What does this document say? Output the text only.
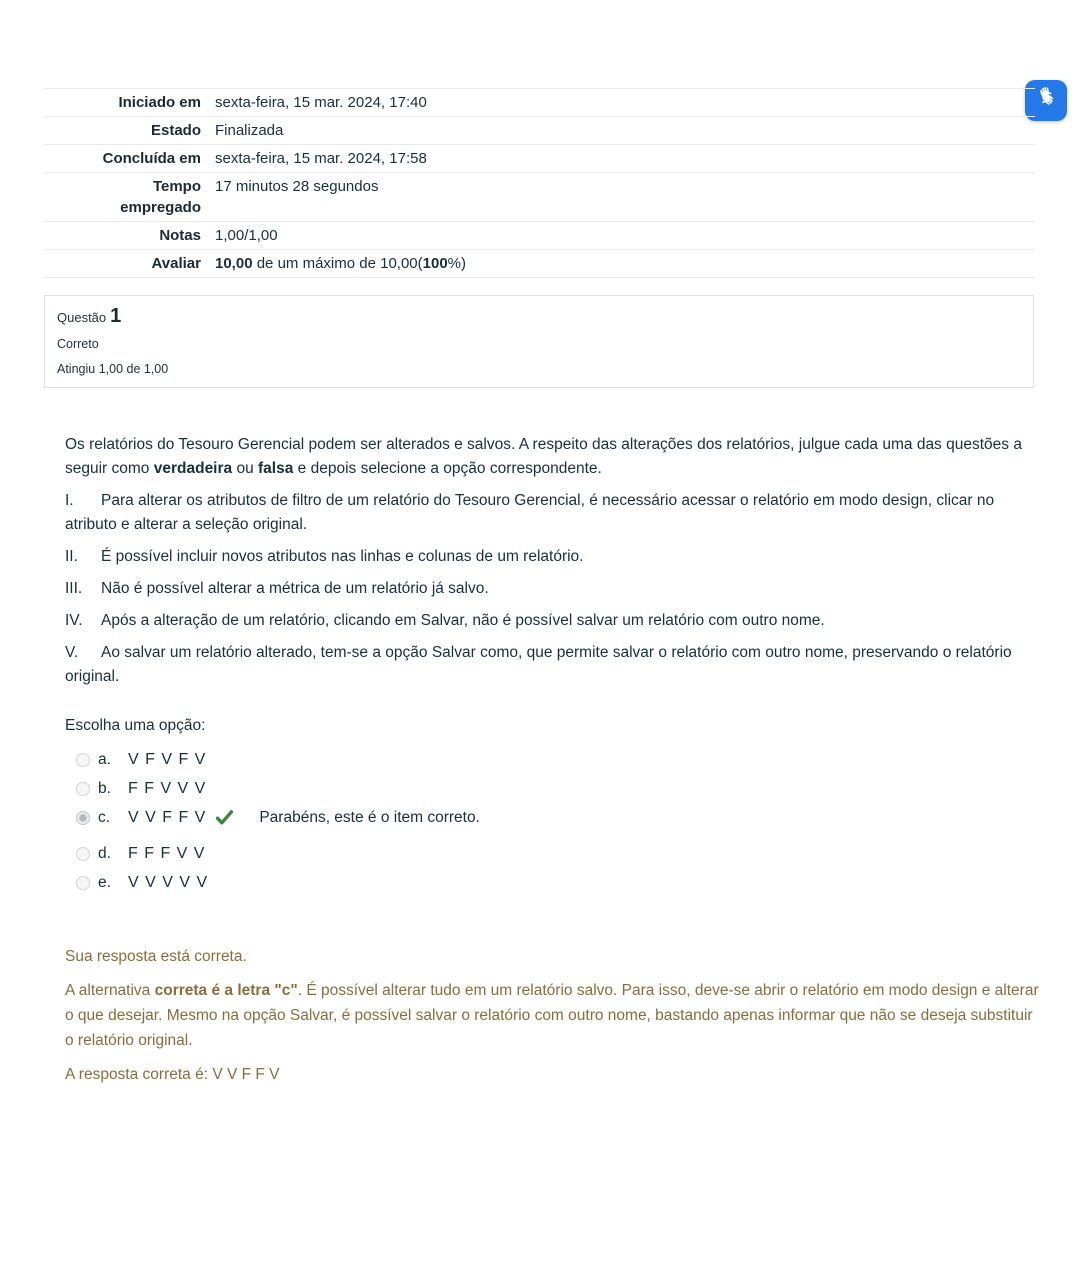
Iniciado em	sexta-feira, 15 mar. 2024, 17:40
Estado	Finalizada
Concluída em	sexta-feira, 15 mar. 2024, 17:58
Tempo empregado	17 minutos 28 segundos
Notas	1,00/1,00
Avaliar	10,00 de um máximo de 10,00(100%)
Questão 1
Correto
Atingiu 1,00 de 1,00

Os relatórios do Tesouro Gerencial podem ser alterados e salvos. A respeito das alterações dos relatórios, julgue cada uma das questões a seguir como verdadeira ou falsa e depois selecione a opção correspondente.

I. Para alterar os atributos de filtro de um relatório do Tesouro Gerencial, é necessário acessar o relatório em modo design, clicar no atributo e alterar a seleção original.

II. É possível incluir novos atributos nas linhas e colunas de um relatório.

III. Não é possível alterar a métrica de um relatório já salvo.

IV. Após a alteração de um relatório, clicando em Salvar, não é possível salvar um relatório com outro nome.

V. Ao salvar um relatório alterado, tem-se a opção Salvar como, que permite salvar o relatório com outro nome, preservando o relatório original.

Escolha uma opção:
a.	V F V F V
b.	F F V V V
c.	V V F F V	Parabéns, este é o item correto.
d.	F F F V V
e.	V V V V V

Sua resposta está correta.

A alternativa correta é a letra "c". É possível alterar tudo em um relatório salvo. Para isso, deve-se abrir o relatório em modo design e alterar o que desejar. Mesmo na opção Salvar, é possível salvar o relatório com outro nome, bastando apenas informar que não se deseja substituir o relatório original.

A resposta correta é: V V F F V
